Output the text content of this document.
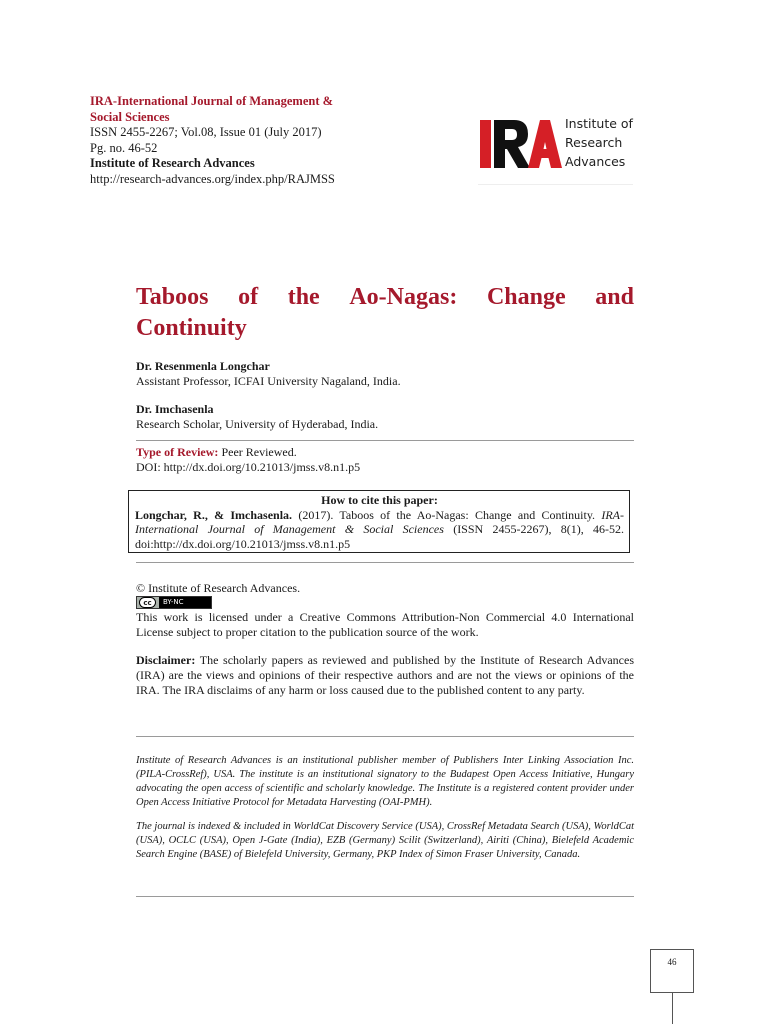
IRA-International Journal of Management &
Social Sciences
ISSN 2455-2267; Vol.08, Issue 01 (July 2017)
Pg. no. 46-52
Institute of Research Advances
http://research-advances.org/index.php/RAJMSS
Institute of
Research
Advances
Taboos of the Ao-Nagas: Change and
Continuity
Dr. Resenmenla Longchar
Assistant Professor, ICFAI University Nagaland, India.
Dr. Imchasenla
Research Scholar, University of Hyderabad, India.
Type of Review: Peer Reviewed.
DOI: http://dx.doi.org/10.21013/jmss.v8.n1.p5
How to cite this paper:
Longchar, R., & Imchasenla. (2017). Taboos of the Ao-Nagas: Change and Continuity. IRA-International Journal of Management & Social Sciences (ISSN 2455-2267), 8(1), 46-52. doi:http://dx.doi.org/10.21013/jmss.v8.n1.p5
© Institute of Research Advances.
cc	BY-NC
This work is licensed under a Creative Commons Attribution-Non Commercial 4.0 International License subject to proper citation to the publication source of the work.
Disclaimer: The scholarly papers as reviewed and published by the Institute of Research Advances (IRA) are the views and opinions of their respective authors and are not the views or opinions of the IRA. The IRA disclaims of any harm or loss caused due to the published content to any party.
Institute of Research Advances is an institutional publisher member of Publishers Inter Linking Association Inc. (PILA-CrossRef), USA. The institute is an institutional signatory to the Budapest Open Access Initiative, Hungary advocating the open access of scientific and scholarly knowledge. The Institute is a registered content provider under Open Access Initiative Protocol for Metadata Harvesting (OAI-PMH).
The journal is indexed & included in WorldCat Discovery Service (USA), CrossRef Metadata Search (USA), WorldCat (USA), OCLC (USA), Open J-Gate (India), EZB (Germany) Scilit (Switzerland), Airiti (China), Bielefeld Academic Search Engine (BASE) of Bielefeld University, Germany, PKP Index of Simon Fraser University, Canada.
46
